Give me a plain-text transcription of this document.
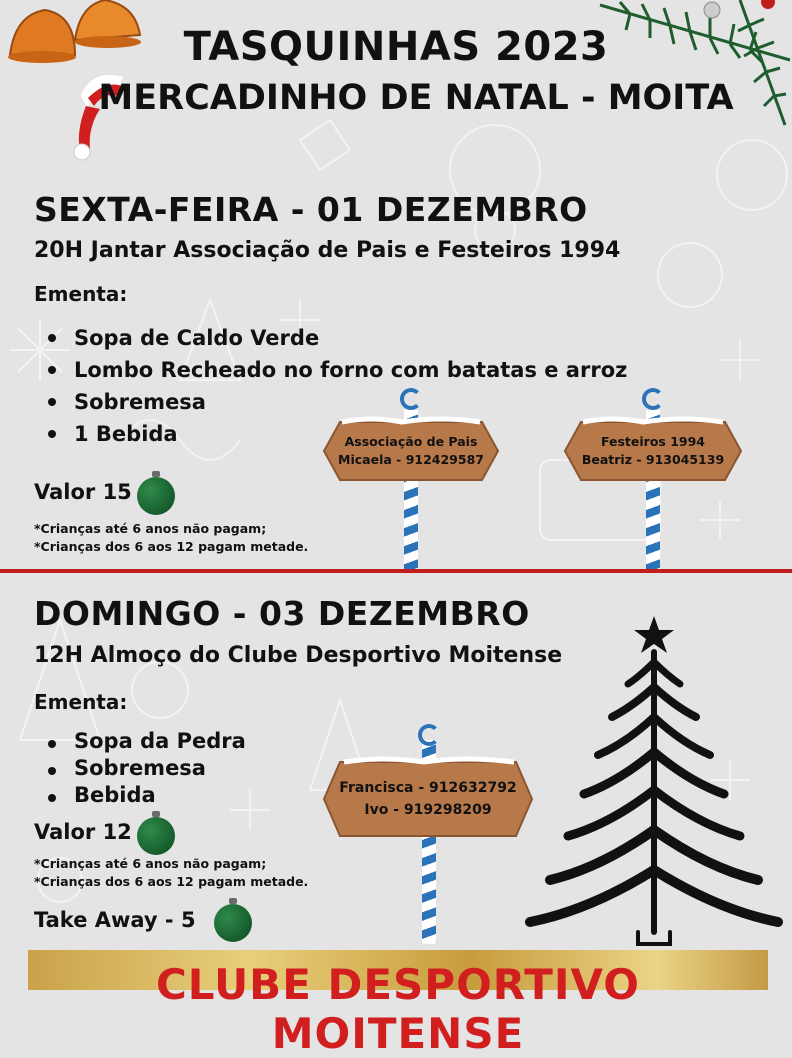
TASQUINHAS 2023
MERCADINHO DE NATAL - MOITA
SEXTA-FEIRA - 01 DEZEMBRO
20H Jantar Associação de Pais e Festeiros 1994
Ementa:
Sopa de Caldo Verde
Lombo Recheado no forno com batatas e arroz
Sobremesa
1 Bebida
Valor 15
*Crianças até 6 anos não pagam;
*Crianças dos 6 aos 12 pagam metade.
Associação de Pais
Micaela - 912429587
Festeiros 1994
Beatriz - 913045139
DOMINGO - 03 DEZEMBRO
12H Almoço do Clube Desportivo Moitense
Ementa:
Sopa da Pedra
Sobremesa
Bebida
Valor 12
*Crianças até 6 anos não pagam;
*Crianças dos 6 aos 12 pagam metade.
Take Away - 5
Francisca - 912632792
Ivo - 919298209
CLUBE DESPORTIVO MOITENSE
